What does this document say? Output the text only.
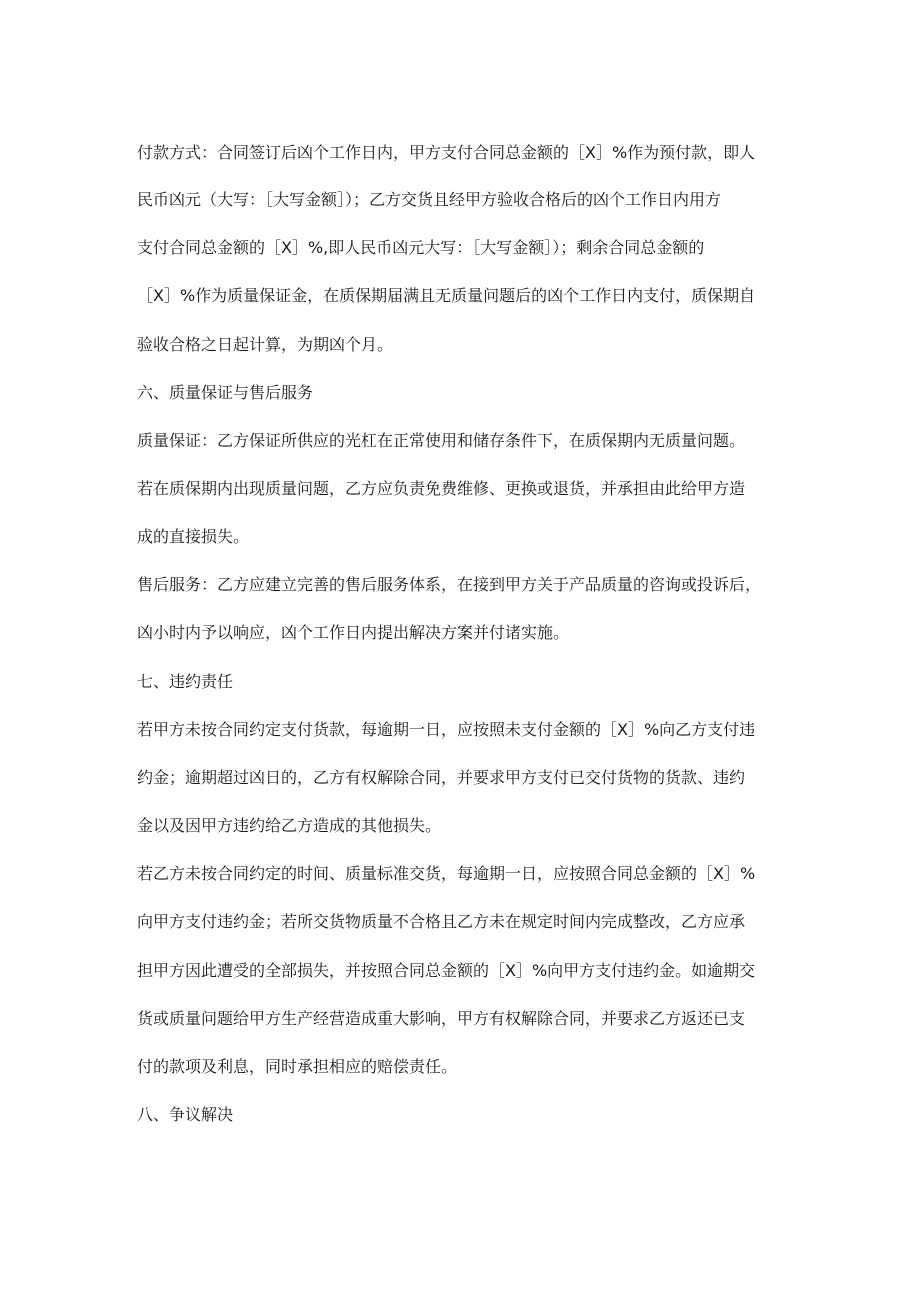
付款方式：合同签订后凶个工作日内，甲方支付合同总金额的［X］%作为预付款，即人

民币凶元（大写：［大写金额］）；乙方交货且经甲方验收合格后的凶个工作日内用方

支付合同总金额的［X］%,即人民币凶元大写：［大写金额］）；剩余合同总金额的

［X］%作为质量保证金，在质保期届满且无质量问题后的凶个工作日内支付，质保期自

验收合格之日起计算，为期凶个月。

六、质量保证与售后服务

质量保证：乙方保证所供应的光杠在正常使用和储存条件下，在质保期内无质量问题。

若在质保期内出现质量问题，乙方应负责免费维修、更换或退货，并承担由此给甲方造

成的直接损失。

售后服务：乙方应建立完善的售后服务体系，在接到甲方关于产品质量的咨询或投诉后，

凶小时内予以响应，凶个工作日内提出解决方案并付诸实施。

七、违约责任

若甲方未按合同约定支付货款，每逾期一日，应按照未支付金额的［X］%向乙方支付违

约金；逾期超过凶日的，乙方有权解除合同，并要求甲方支付已交付货物的货款、违约

金以及因甲方违约给乙方造成的其他损失。

若乙方未按合同约定的时间、质量标准交货，每逾期一日，应按照合同总金额的［X］%

向甲方支付违约金；若所交货物质量不合格且乙方未在规定时间内完成整改，乙方应承

担甲方因此遭受的全部损失，并按照合同总金额的［X］%向甲方支付违约金。如逾期交

货或质量问题给甲方生产经营造成重大影响，甲方有权解除合同，并要求乙方返还已支

付的款项及利息，同时承担相应的赔偿责任。

八、争议解决
